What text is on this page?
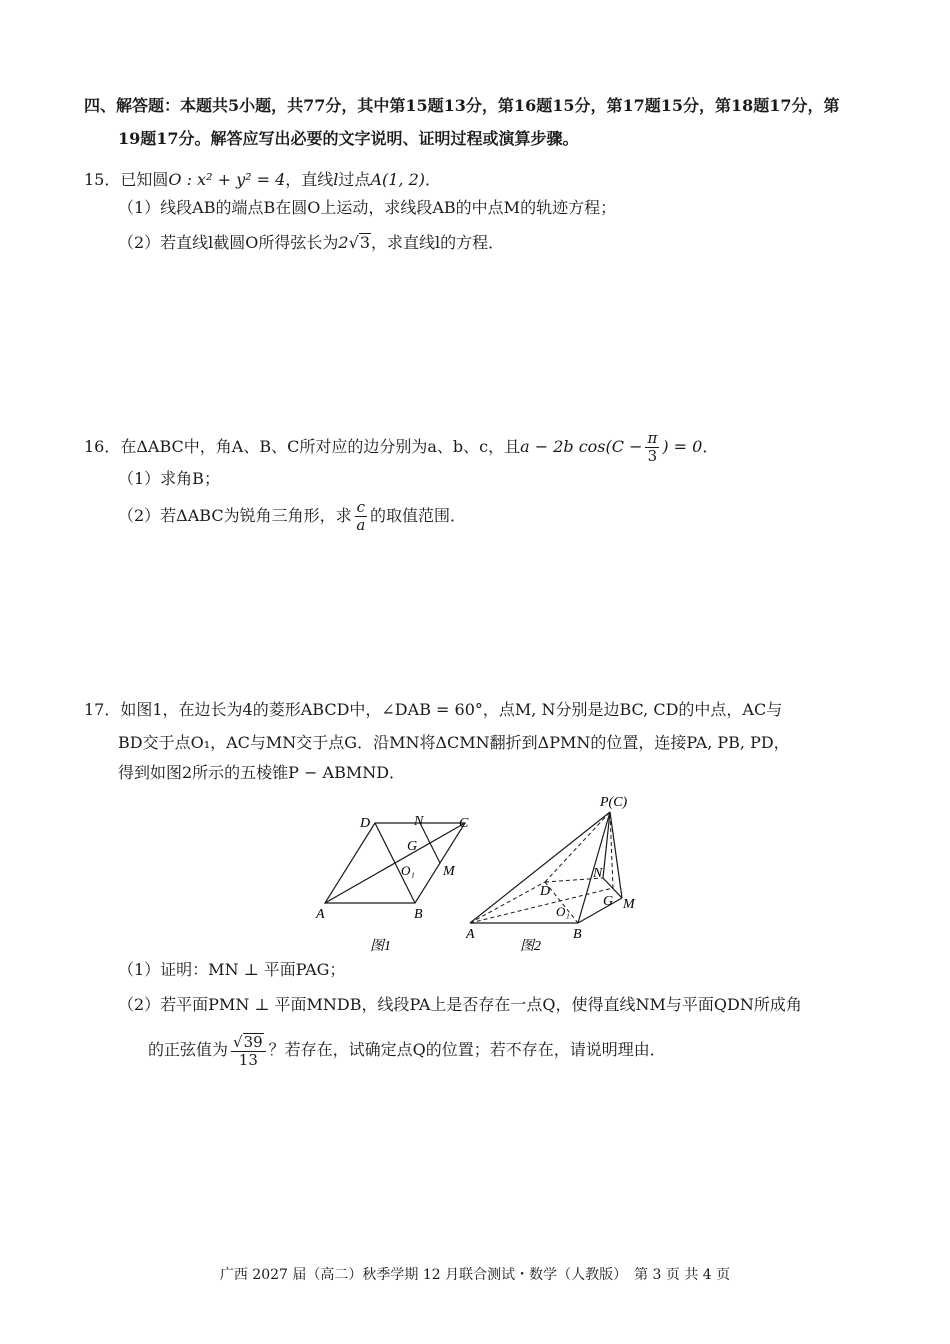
四、解答题：本题共5小题，共77分，其中第15题13分，第16题15分，第17题15分，第18题17分，第
19题17分。解答应写出必要的文字说明、证明过程或演算步骤。
15．已知圆O : x² + y² = 4，直线l过点A(1, 2)．
（1）线段AB的端点B在圆O上运动，求线段AB的中点M的轨迹方程；
（2）若直线l截圆O所得弦长为2√3，求直线l的方程．
16．在ΔABC中，角A、B、C所对应的边分别为a、b、c，且a − 2b $\cos(C - \frac{\pi}{3}$ ) = 0．
（1）求角B；
（2）若ΔABC为锐角三角形，求 $\frac{c}{a}$ 的取值范围．
17．如图1，在边长为4的菱形ABCD中，∠DAB = 60°，点M, N分别是边BC, CD的中点，AC与
BD交于点O₁，AC与MN交于点G．沿MN将ΔCMN翻折到ΔPMN的位置，连接PA, PB, PD，
得到如图2所示的五棱锥P − ABMND．
D	N	C
G
O₁ M
A	B
图1
P(C)
D
N
O₁
G M
A	B
图2
（1）证明：MN ⊥ 平面PAG；
（2）若平面PMN ⊥ 平面MNDB，线段PA上是否存在一点Q，使得直线NM与平面QDN所成角
的正弦值为 $\frac{√39}{13}$ ？若存在，试确定点Q的位置；若不存在，请说明理由．
广西 2027 届（高二）秋季学期 12 月联合测试・数学（人教版）　第 3 页 共 4 页
